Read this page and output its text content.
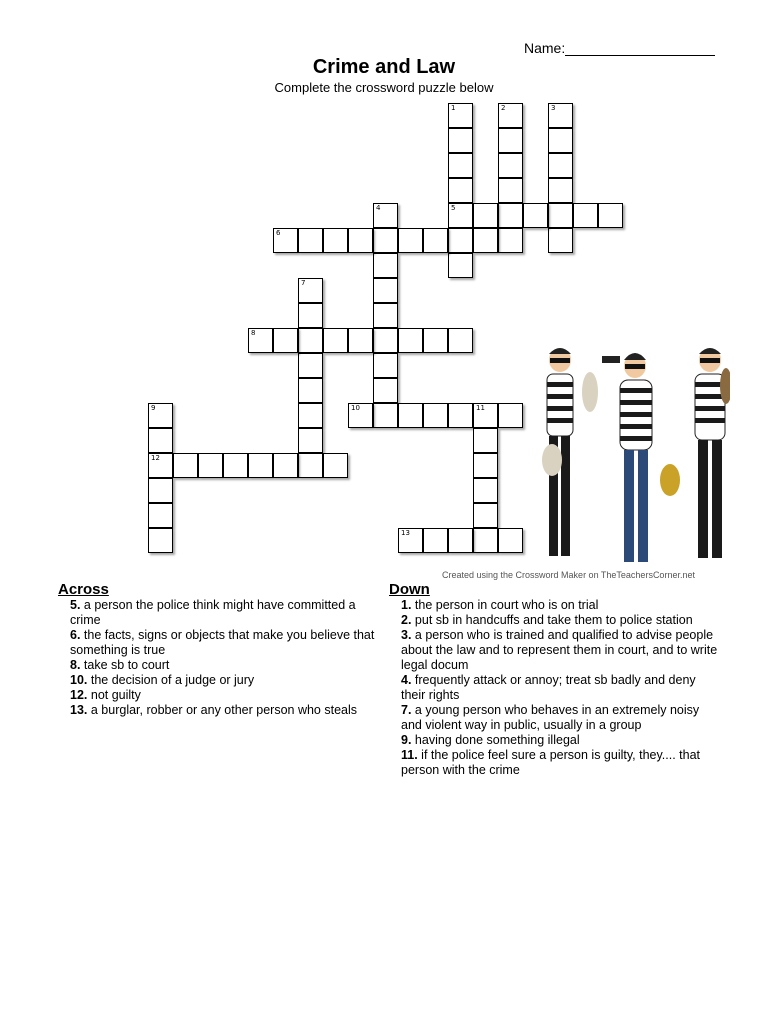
Name:
Crime and Law
Complete the crossword puzzle below
1
5
2	3
4
6
7
8
9
12
10	11
13
Created using the Crossword Maker on TheTeachersCorner.net
Across
5. a person the police think might have committed a crime
6. the facts, signs or objects that make you believe that something is true
8. take sb to court
10. the decision of a judge or jury
12. not guilty
13. a burglar, robber or any other person who steals
Down
1. the person in court who is on trial
2. put sb in handcuffs and take them to police station
3. a person who is trained and qualified to advise people about the law and to represent them in court, and to write legal docum
4. frequently attack or annoy; treat sb badly and deny their rights
7. a young person who behaves in an extremely noisy and violent way in public, usually in a group
9. having done something illegal
11. if the police feel sure a person is guilty, they.... that person with the crime
